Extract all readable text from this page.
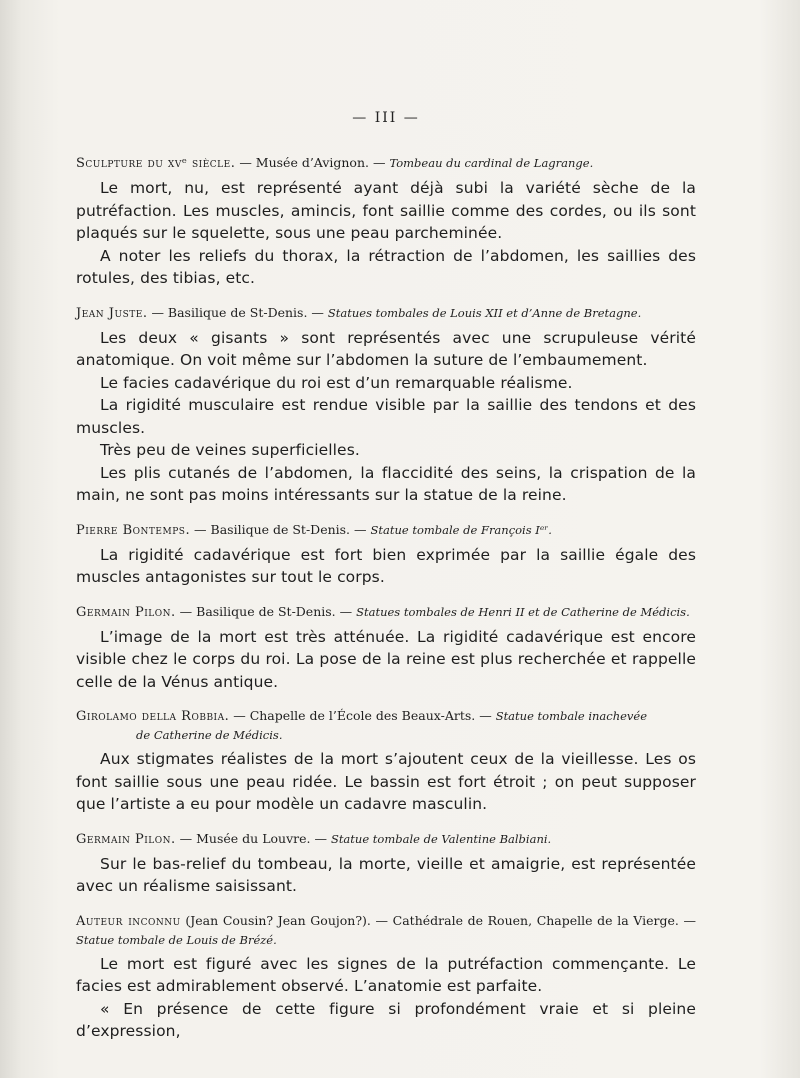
— III —

Sculpture du xvᵉ siècle. — Musée d’Avignon. — Tombeau du cardinal de Lagrange.

Le mort, nu, est représenté ayant déjà subi la variété sèche de la putréfaction. Les muscles, amincis, font saillie comme des cordes, ou ils sont plaqués sur le squelette, sous une peau parcheminée.

A noter les reliefs du thorax, la rétraction de l’abdomen, les saillies des rotules, des tibias, etc.

Jean Juste. — Basilique de St-Denis. — Statues tombales de Louis XII et d’Anne de Bretagne.

Les deux « gisants » sont représentés avec une scrupuleuse vérité anatomique. On voit même sur l’abdomen la suture de l’embaumement.

Le facies cadavérique du roi est d’un remarquable réalisme.

La rigidité musculaire est rendue visible par la saillie des tendons et des muscles.

Très peu de veines superficielles.

Les plis cutanés de l’abdomen, la flaccidité des seins, la crispation de la main, ne sont pas moins intéressants sur la statue de la reine.

Pierre Bontemps. — Basilique de St-Denis. — Statue tombale de François Iᵉʳ.

La rigidité cadavérique est fort bien exprimée par la saillie égale des muscles antagonistes sur tout le corps.

Germain Pilon. — Basilique de St-Denis. — Statues tombales de Henri II et de Catherine de Médicis.

L’image de la mort est très atténuée. La rigidité cadavérique est encore visible chez le corps du roi. La pose de la reine est plus recherchée et rappelle celle de la Vénus antique.

Girolamo della Robbia. — Chapelle de l’École des Beaux-Arts. — Statue tombale inachevée
de Catherine de Médicis.

Aux stigmates réalistes de la mort s’ajoutent ceux de la vieillesse. Les os font saillie sous une peau ridée. Le bassin est fort étroit ; on peut supposer que l’artiste a eu pour modèle un cadavre masculin.

Germain Pilon. — Musée du Louvre. — Statue tombale de Valentine Balbiani.

Sur le bas-relief du tombeau, la morte, vieille et amaigrie, est représentée avec un réalisme saisissant.

Auteur inconnu (Jean Cousin? Jean Goujon?). — Cathédrale de Rouen, Chapelle de la Vierge. — Statue tombale de Louis de Brézé.

Le mort est figuré avec les signes de la putréfaction commençante. Le facies est admirablement observé. L’anatomie est parfaite.

« En présence de cette figure si profondément vraie et si pleine d’expression,
